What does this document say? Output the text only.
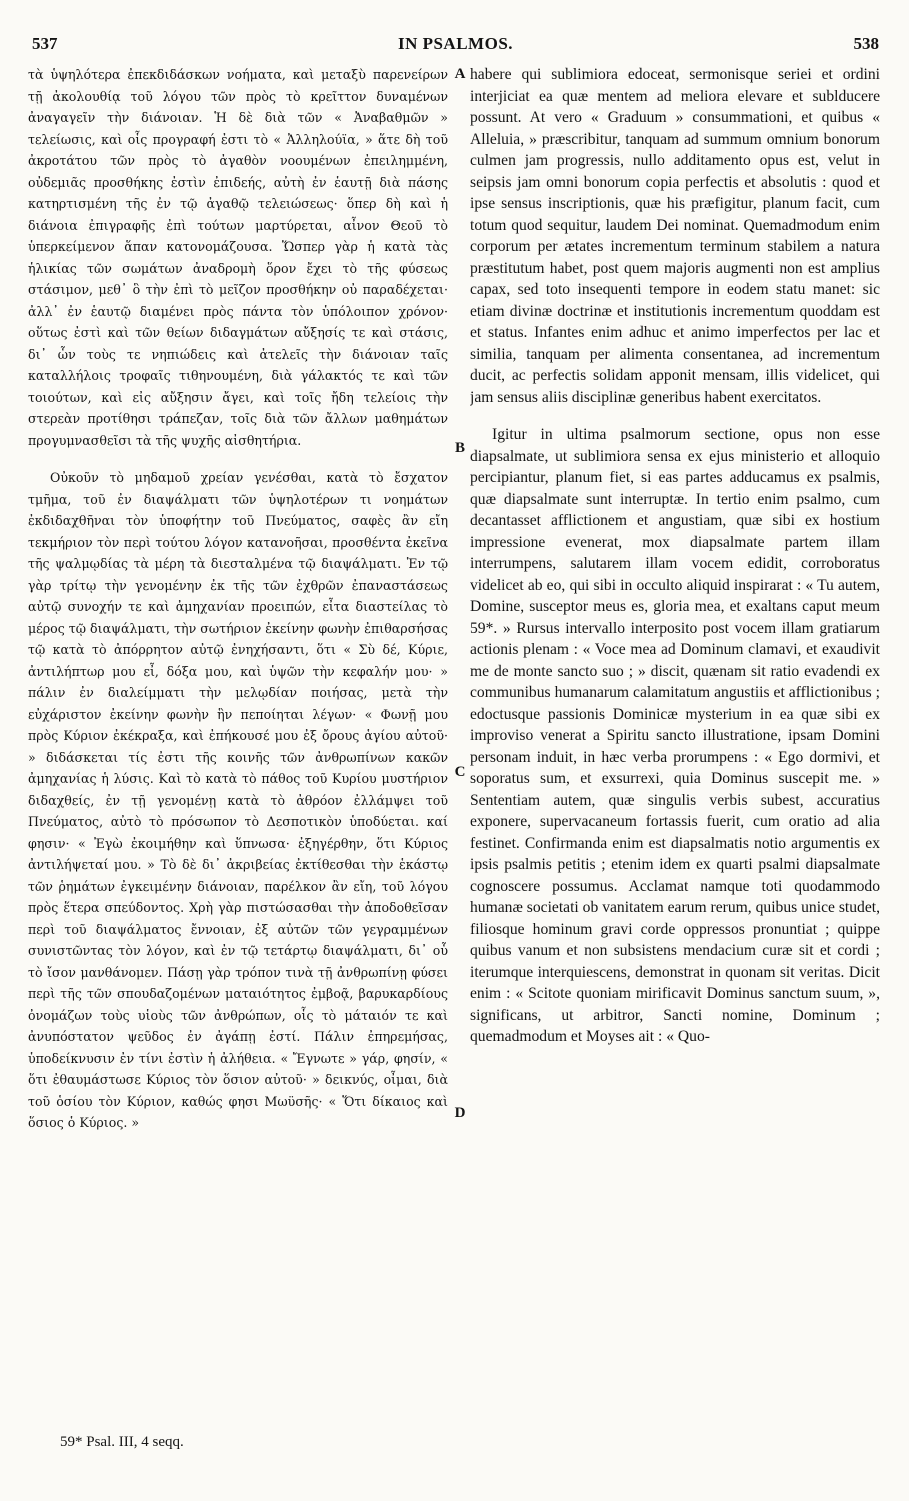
537	IN PSALMOS.	538

τὰ ὑψηλότερα ἐπεκδιδάσκων νοήματα, καὶ μεταξὺ παρενείρων τῇ ἀκολουθίᾳ τοῦ λόγου τῶν πρὸς τὸ κρεῖττον δυναμένων ἀναγαγεῖν τὴν διάνοιαν. Ἡ δὲ διὰ τῶν « Ἀναβαθμῶν » τελείωσις, καὶ οἷς προγραφή ἐστι τὸ « Ἀλληλούϊα, » ἅτε δὴ τοῦ ἀκροτάτου τῶν πρὸς τὸ ἀγαθὸν νοουμένων ἐπειλημμένη, οὐδεμιᾶς προσθήκης ἐστὶν ἐπιδεής, αὐτὴ ἐν ἑαυτῇ διὰ πάσης κατηρτισμένη τῆς ἐν τῷ ἀγαθῷ τελειώσεως· ὅπερ δὴ καὶ ἡ διάνοια ἐπιγραφῆς ἐπὶ τούτων μαρτύρεται, αἶνον Θεοῦ τὸ ὑπερκείμενον ἅπαν κατονομάζουσα. Ὥσπερ γὰρ ἡ κατὰ τὰς ἡλικίας τῶν σωμάτων ἀναδρομὴ ὅρον ἔχει τὸ τῆς φύσεως στάσιμον, μεθ᾽ ὃ τὴν ἐπὶ τὸ μεῖζον προσθήκην οὐ παραδέχεται· ἀλλ᾽ ἐν ἑαυτῷ διαμένει πρὸς πάντα τὸν ὑπόλοιπον χρόνον· οὕτως ἐστὶ καὶ τῶν θείων διδαγμάτων αὔξησίς τε καὶ στάσις, δι᾽ ὧν τοὺς τε νηπιώδεις καὶ ἀτελεῖς τὴν διάνοιαν ταῖς καταλλήλοις τροφαῖς τιθηνουμένη, διὰ γάλακτός τε καὶ τῶν τοιούτων, καὶ εἰς αὔξησιν ἄγει, καὶ τοῖς ἤδη τελείοις τὴν στερεὰν προτίθησι τράπεζαν, τοῖς διὰ τῶν ἄλλων μαθημάτων προγυμνασθεῖσι τὰ τῆς ψυχῆς αἰσθητήρια.

Οὐκοῦν τὸ μηδαμοῦ χρείαν γενέσθαι, κατὰ τὸ ἔσχατον τμῆμα, τοῦ ἐν διαψάλματι τῶν ὑψηλοτέρων τι νοημάτων ἐκδιδαχθῆναι τὸν ὑποφήτην τοῦ Πνεύματος, σαφὲς ἂν εἴη τεκμήριον τὸν περὶ τούτου λόγον κατανοῆσαι, προσθέντα ἐκεῖνα τῆς ψαλμῳδίας τὰ μέρη τὰ διεσταλμένα τῷ διαψάλματι. Ἐν τῷ γὰρ τρίτῳ τὴν γενομένην ἐκ τῆς τῶν ἐχθρῶν ἐπαναστάσεως αὐτῷ συνοχήν τε καὶ ἀμηχανίαν προειπών, εἶτα διαστείλας τὸ μέρος τῷ διαψάλματι, τὴν σωτήριον ἐκείνην φωνὴν ἐπιθαρσήσας τῷ κατὰ τὸ ἀπόρρητον αὐτῷ ἐνηχήσαντι, ὅτι « Σὺ δέ, Κύριε, ἀντιλήπτωρ μου εἶ, δόξα μου, καὶ ὑψῶν τὴν κεφαλήν μου· » πάλιν ἐν διαλείμματι τὴν μελῳδίαν ποιήσας, μετὰ τὴν εὐχάριστον ἐκείνην φωνὴν ἣν πεποίηται λέγων· « Φωνῇ μου πρὸς Κύριον ἐκέκραξα, καὶ ἐπήκουσέ μου ἐξ ὄρους ἁγίου αὐτοῦ· » διδάσκεται τίς ἐστι τῆς κοινῆς τῶν ἀνθρωπίνων κακῶν ἀμηχανίας ἡ λύσις. Καὶ τὸ κατὰ τὸ πάθος τοῦ Κυρίου μυστήριον διδαχθείς, ἐν τῇ γενομένῃ κατὰ τὸ ἀθρόον ἐλλάμψει τοῦ Πνεύματος, αὐτὸ τὸ πρόσωπον τὸ Δεσποτικὸν ὑποδύεται. καί φησιν· « Ἐγὼ ἐκοιμήθην καὶ ὕπνωσα· ἐξηγέρθην, ὅτι Κύριος ἀντιλήψεταί μου. » Τὸ δὲ δι᾽ ἀκριβείας ἐκτίθεσθαι τὴν ἑκάστῳ τῶν ῥημάτων ἐγκειμένην διάνοιαν, παρέλκον ἂν εἴη, τοῦ λόγου πρὸς ἕτερα σπεύδοντος. Χρὴ γὰρ πιστώσασθαι τὴν ἀποδοθεῖσαν περὶ τοῦ διαψάλματος ἔννοιαν, ἐξ αὐτῶν τῶν γεγραμμένων συνιστῶντας τὸν λόγον, καὶ ἐν τῷ τετάρτῳ διαψάλματι, δι᾽ οὗ τὸ ἴσον μανθάνομεν. Πάσῃ γὰρ τρόπον τινὰ τῇ ἀνθρωπίνῃ φύσει περὶ τῆς τῶν σπουδαζομένων ματαιότητος ἐμβοᾷ, βαρυκαρδίους ὀνομάζων τοὺς υἱοὺς τῶν ἀνθρώπων, οἷς τὸ μάταιόν τε καὶ ἀνυπόστατον ψεῦδος ἐν ἀγάπῃ ἐστί. Πάλιν ἐπηρεμήσας, ὑποδείκνυσιν ἐν τίνι ἐστὶν ἡ ἀλήθεια. « Ἔγνωτε » γάρ, φησίν, « ὅτι ἐθαυμάστωσε Κύριος τὸν ὅσιον αὐτοῦ· » δεικνύς, οἶμαι, διὰ τοῦ ὁσίου τὸν Κύριον, καθώς φησι Μωϋσῆς· « Ὅτι δίκαιος καὶ ὅσιος ὁ Κύριος. »

habere qui sublimiora edoceat, sermonisque seriei et ordini interjiciat ea quæ mentem ad meliora elevare et sublducere possunt. At vero « Graduum » consummationi, et quibus « Alleluia, » præscribitur, tanquam ad summum omnium bonorum culmen jam progressis, nullo additamento opus est, velut in seipsis jam omni bonorum copia perfectis et absolutis : quod et ipse sensus inscriptionis, quæ his præfigitur, planum facit, cum totum quod sequitur, laudem Dei nominat. Quemadmodum enim corporum per ætates incrementum terminum stabilem a natura præstitutum habet, post quem majoris augmenti non est amplius capax, sed toto insequenti tempore in eodem statu manet: sic etiam divinæ doctrinæ et institutionis incrementum quoddam est et status. Infantes enim adhuc et animo imperfectos per lac et similia, tanquam per alimenta consentanea, ad incrementum ducit, ac perfectis solidam apponit mensam, illis videlicet, qui jam sensus aliis disciplinæ generibus habent exercitatos.

Igitur in ultima psalmorum sectione, opus non esse diapsalmate, ut sublimiora sensa ex ejus ministerio et alloquio percipiantur, planum fiet, si eas partes adducamus ex psalmis, quæ diapsalmate sunt interruptæ. In tertio enim psalmo, cum decantasset afflictionem et angustiam, quæ sibi ex hostium impressione evenerat, mox diapsalmate partem illam interrumpens, salutarem illam vocem edidit, corroboratus videlicet ab eo, qui sibi in occulto aliquid inspirarat : « Tu autem, Domine, susceptor meus es, gloria mea, et exaltans caput meum 59*. » Rursus intervallo interposito post vocem illam gratiarum actionis plenam : « Voce mea ad Dominum clamavi, et exaudivit me de monte sancto suo ; » discit, quænam sit ratio evadendi ex communibus humanarum calamitatum angustiis et afflictionibus ; edoctusque passionis Dominicæ mysterium in ea quæ sibi ex improviso venerat a Spiritu sancto illustratione, ipsam Domini personam induit, in hæc verba prorumpens : « Ego dormivi, et soporatus sum, et exsurrexi, quia Dominus suscepit me. » Sententiam autem, quæ singulis verbis subest, accuratius exponere, supervacaneum fortassis fuerit, cum oratio ad alia festinet. Confirmanda enim est diapsalmatis notio argumentis ex ipsis psalmis petitis ; etenim idem ex quarti psalmi diapsalmate cognoscere possumus. Acclamat namque toti quodammodo humanæ societati ob vanitatem earum rerum, quibus unice studet, filiosque hominum gravi corde oppressos pronuntiat ; quippe quibus vanum et non subsistens mendacium curæ sit et cordi ; iterumque interquiescens, demonstrat in quonam sit veritas. Dicit enim : « Scitote quoniam mirificavit Dominus sanctum suum, », significans, ut arbitror, Sancti nomine, Dominum ; quemadmodum et Moyses ait : « Quo-

A
B
C
D
59* Psal. III, 4 seqq.
